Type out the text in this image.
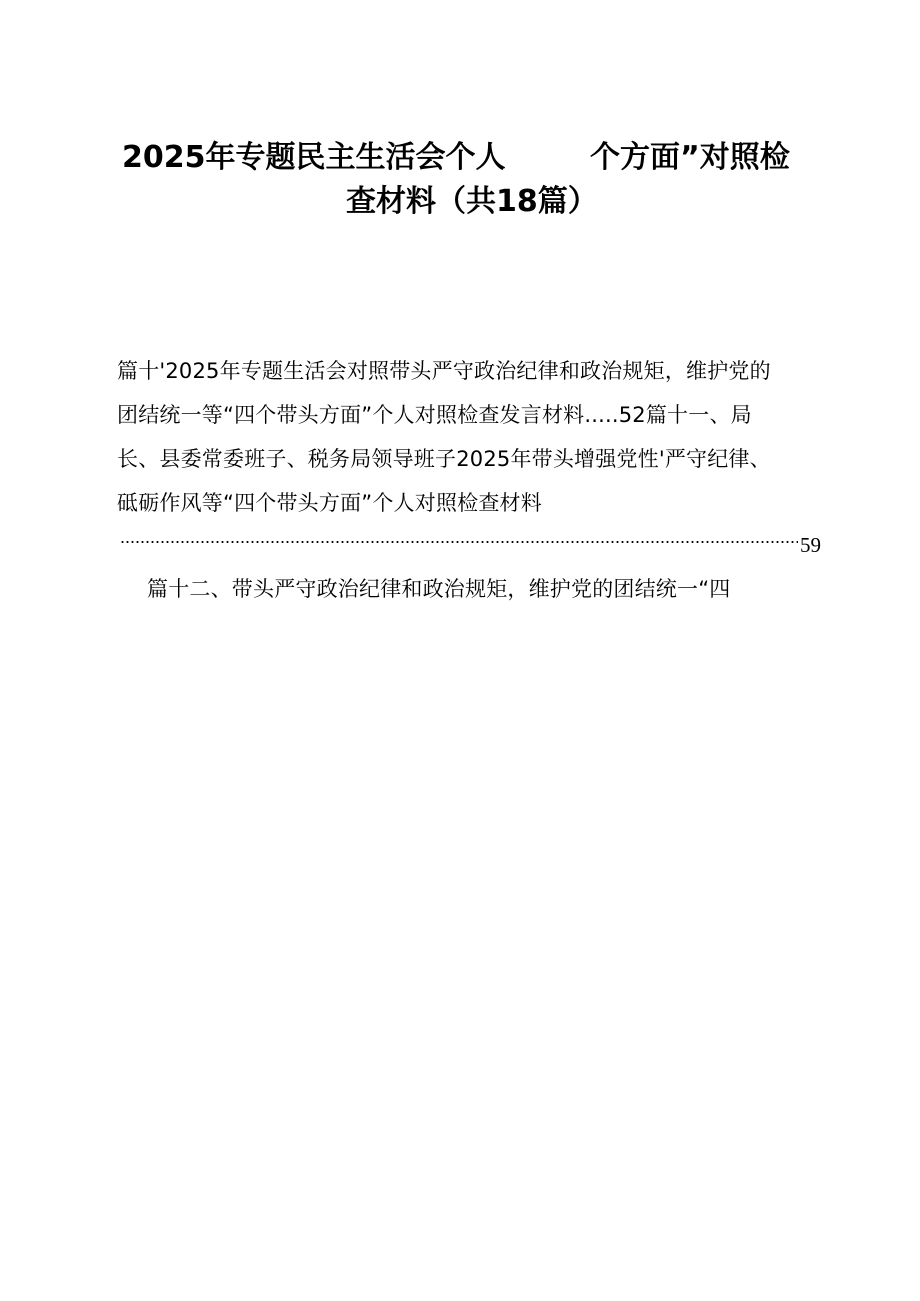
2025年专题民主生活会个人	个方面”对照检
查材料（共18篇）
篇十'2025年专题生活会对照带头严守政治纪律和政治规矩，维护党的
团结统一等“四个带头方面”个人对照检查发言材料.....52篇十一、局
长、县委常委班子、税务局领导班子2025年带头增强党性'严守纪律、
砥砺作风等“四个带头方面”个人对照检查材料
59
篇十二、带头严守政治纪律和政治规矩，维护党的团结统一“四
